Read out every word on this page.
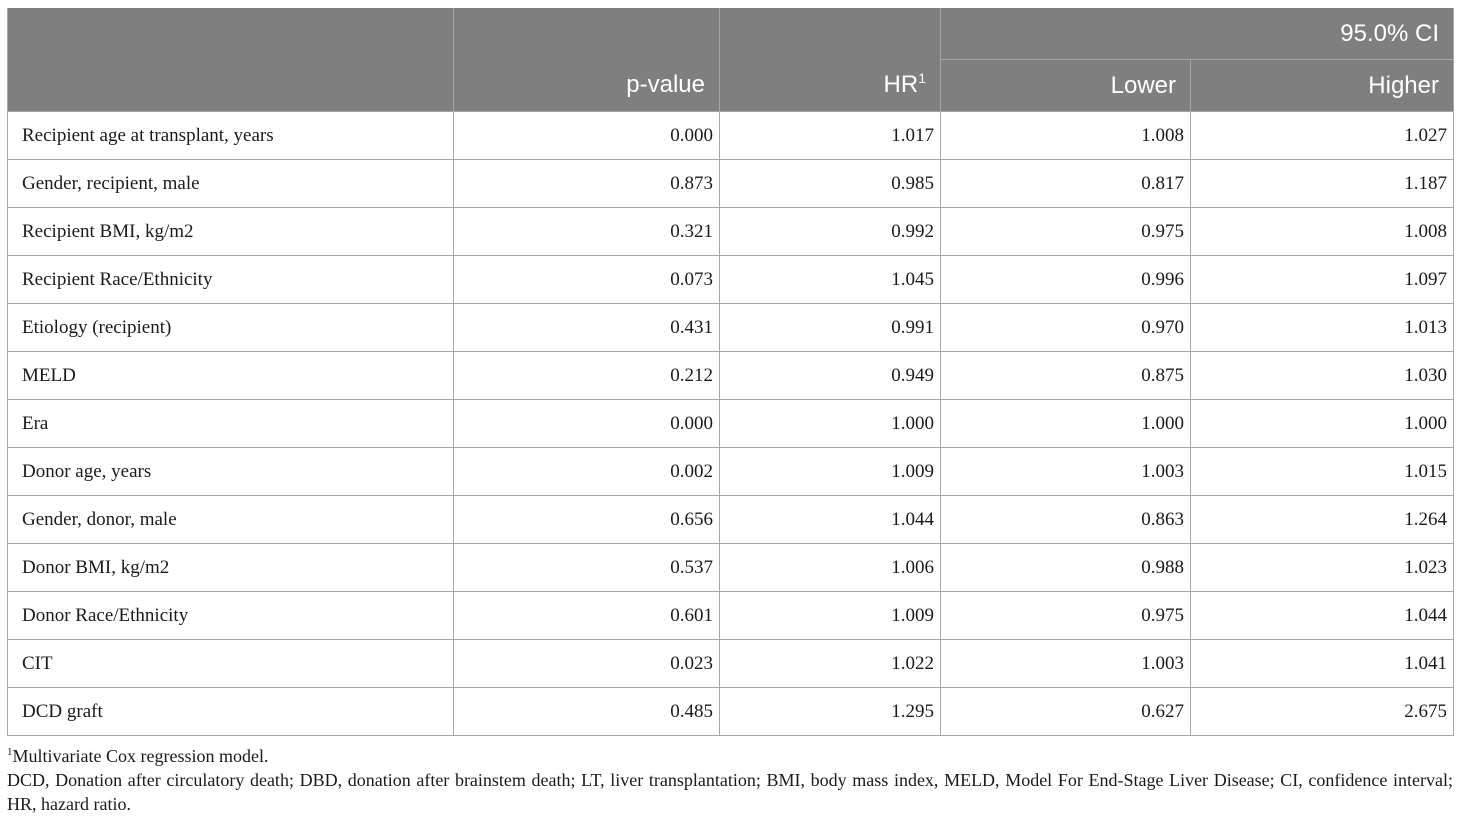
	p-value	$HR^1$	95.0% CI	
			Lower	Higher
Recipient age at transplant, years	0.000	1.017	1.008	1.027
Gender, recipient, male	0.873	0.985	0.817	1.187
Recipient BMI, kg/m2	0.321	0.992	0.975	1.008
Recipient Race/Ethnicity	0.073	1.045	0.996	1.097
Etiology (recipient)	0.431	0.991	0.970	1.013
MELD	0.212	0.949	0.875	1.030
Era	0.000	1.000	1.000	1.000
Donor age, years	0.002	1.009	1.003	1.015
Gender, donor, male	0.656	1.044	0.863	1.264
Donor BMI, kg/m2	0.537	1.006	0.988	1.023
Donor Race/Ethnicity	0.601	1.009	0.975	1.044
CIT	0.023	1.022	1.003	1.041
DCD graft	0.485	1.295	0.627	2.675
$^1$Multivariate Cox regression model.
DCD, Donation after circulatory death; DBD, donation after brainstem death; LT, liver transplantation; BMI, body mass index, MELD, Model For End-Stage Liver Disease; CI, confidence interval; HR, hazard ratio.
